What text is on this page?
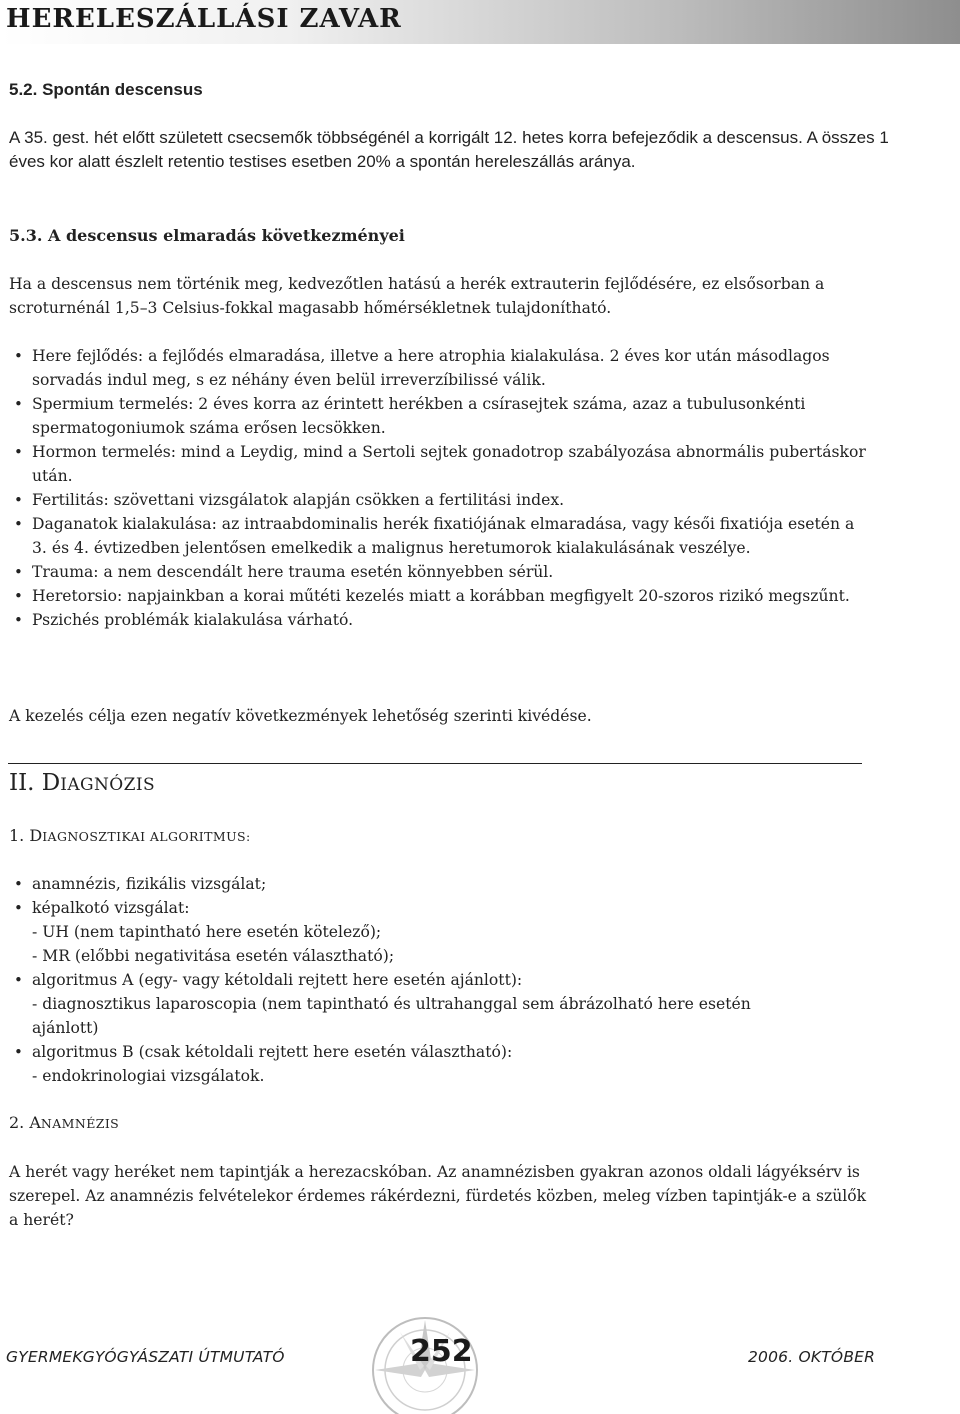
HERELESZÁLLÁSI ZAVAR
5.2. Spontán descensus
A 35. gest. hét előtt született csecsemők többségénél a korrigált 12. hetes korra befejeződik a descensus. A összes 1 éves kor alatt észlelt retentio testises esetben 20% a spontán hereleszállás aránya.
5.3. A descensus elmaradás következményei
Ha a descensus nem történik meg, kedvezőtlen hatású a herék extrauterin fejlődésére, ez elsősorban a scroturnénál 1,5–3 Celsius-fokkal magasabb hőmérsékletnek tulajdonítható.
• Here fejlődés: a fejlődés elmaradása, illetve a here atrophia kialakulása. 2 éves kor után másodlagos sorvadás indul meg, s ez néhány éven belül irreverzíbilissé válik.
• Spermium termelés: 2 éves korra az érintett herékben a csírasejtek száma, azaz a tubulusonkénti spermatogoniumok száma erősen lecsökken.
• Hormon termelés: mind a Leydig, mind a Sertoli sejtek gonadotrop szabályozása abnormális pubertáskor után.
• Fertilitás: szövettani vizsgálatok alapján csökken a fertilitási index.
• Daganatok kialakulása: az intraabdominalis herék fixatiójának elmaradása, vagy késői fixatiója esetén a 3. és 4. évtizedben jelentősen emelkedik a malignus heretumorok kialakulásának veszélye.
• Trauma: a nem descendált here trauma esetén könnyebben sérül.
• Heretorsio: napjainkban a korai műtéti kezelés miatt a korábban megfigyelt 20-szoros rizikó megszűnt.
• Pszichés problémák kialakulása várható.
A kezelés célja ezen negatív következmények lehetőség szerinti kivédése.
II. DIAGNÓZIS
1. DIAGNOSZTIKAI ALGORITMUS:
• anamnézis, fizikális vizsgálat;
• képalkotó vizsgálat:
- UH (nem tapintható here esetén kötelező);
- MR (előbbi negativitása esetén választható);
• algoritmus A (egy- vagy kétoldali rejtett here esetén ajánlott):
- diagnosztikus laparoscopia (nem tapintható és ultrahanggal sem ábrázolható here esetén
ajánlott)
• algoritmus B (csak kétoldali rejtett here esetén választható):
- endokrinologiai vizsgálatok.
2. ANAMNÉZIS
A herét vagy heréket nem tapintják a herezacskóban. Az anamnézisben gyakran azonos oldali lágyéksérv is szerepel. Az anamnézis felvételekor érdemes rákérdezni, fürdetés közben, meleg vízben tapintják-e a szülők a herét?
GYERMEKGYÓGYÁSZATI ÚTMUTATÓ	252	2006. OKTÓBER
